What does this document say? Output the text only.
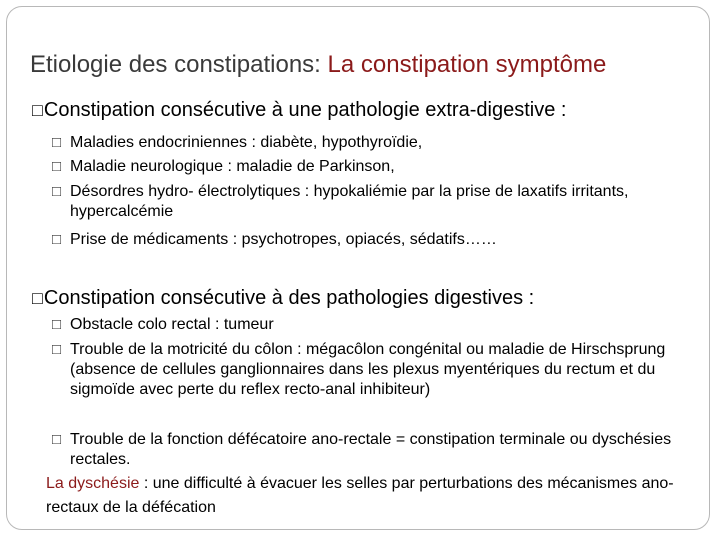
Etiologie des constipations: La constipation symptôme
□Constipation consécutive à une pathologie extra-digestive :
□ Maladies endocriniennes : diabète, hypothyroïdie,
□ Maladie neurologique : maladie de Parkinson,
□ Désordres hydro- électrolytiques : hypokaliémie par la prise de laxatifs irritants, hypercalcémie
□ Prise de médicaments : psychotropes, opiacés, sédatifs……
□Constipation consécutive à des pathologies digestives :
□ Obstacle colo rectal : tumeur
□ Trouble de la motricité du côlon : mégacôlon congénital ou maladie de Hirschsprung (absence de cellules ganglionnaires dans les plexus myentériques du rectum et du sigmoïde avec perte du reflex recto-anal inhibiteur)
□ Trouble de la fonction défécatoire ano-rectale = constipation terminale ou dyschésies rectales.
La dyschésie : une difficulté à évacuer les selles par perturbations des mécanismes ano-rectaux de la défécation
